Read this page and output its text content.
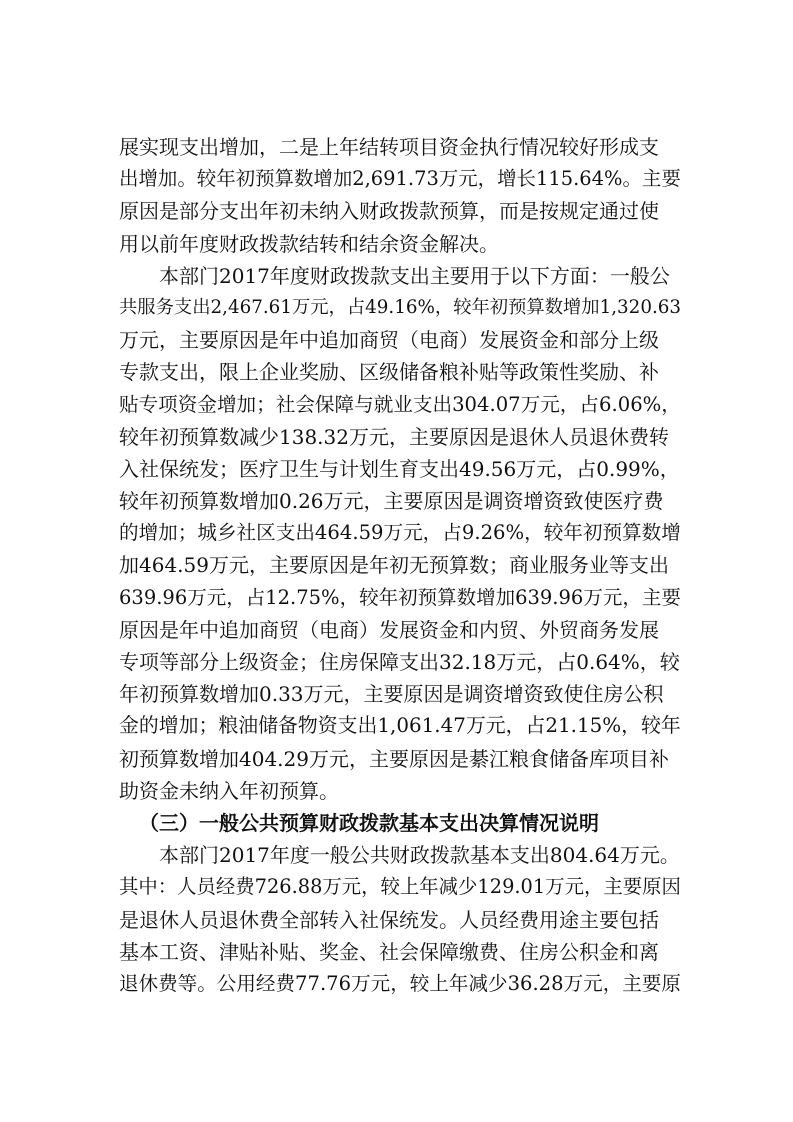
展实现支出增加，二是上年结转项目资金执行情况较好形成支
出增加。较年初预算数增加2,691.73万元，增长115.64%。主要
原因是部分支出年初未纳入财政拨款预算，而是按规定通过使
用以前年度财政拨款结转和结余资金解决。
本部门2017年度财政拨款支出主要用于以下方面：一般公
共服务支出2,467.61万元，占49.16%，较年初预算数增加1,320.63
万元，主要原因是年中追加商贸（电商）发展资金和部分上级
专款支出，限上企业奖励、区级储备粮补贴等政策性奖励、补
贴专项资金增加；社会保障与就业支出304.07万元，占6.06%，
较年初预算数减少138.32万元，主要原因是退休人员退休费转
入社保统发；医疗卫生与计划生育支出49.56万元，占0.99%，
较年初预算数增加0.26万元，主要原因是调资增资致使医疗费
的增加；城乡社区支出464.59万元，占9.26%，较年初预算数增
加464.59万元，主要原因是年初无预算数；商业服务业等支出
639.96万元，占12.75%，较年初预算数增加639.96万元，主要
原因是年中追加商贸（电商）发展资金和内贸、外贸商务发展
专项等部分上级资金；住房保障支出32.18万元，占0.64%，较
年初预算数增加0.33万元，主要原因是调资增资致使住房公积
金的增加；粮油储备物资支出1,061.47万元，占21.15%，较年
初预算数增加404.29万元，主要原因是綦江粮食储备库项目补
助资金未纳入年初预算。
（三）一般公共预算财政拨款基本支出决算情况说明
本部门2017年度一般公共财政拨款基本支出804.64万元。
其中：人员经费726.88万元，较上年减少129.01万元，主要原因
是退休人员退休费全部转入社保统发。人员经费用途主要包括
基本工资、津贴补贴、奖金、社会保障缴费、住房公积金和离
退休费等。公用经费77.76万元，较上年减少36.28万元，主要原
